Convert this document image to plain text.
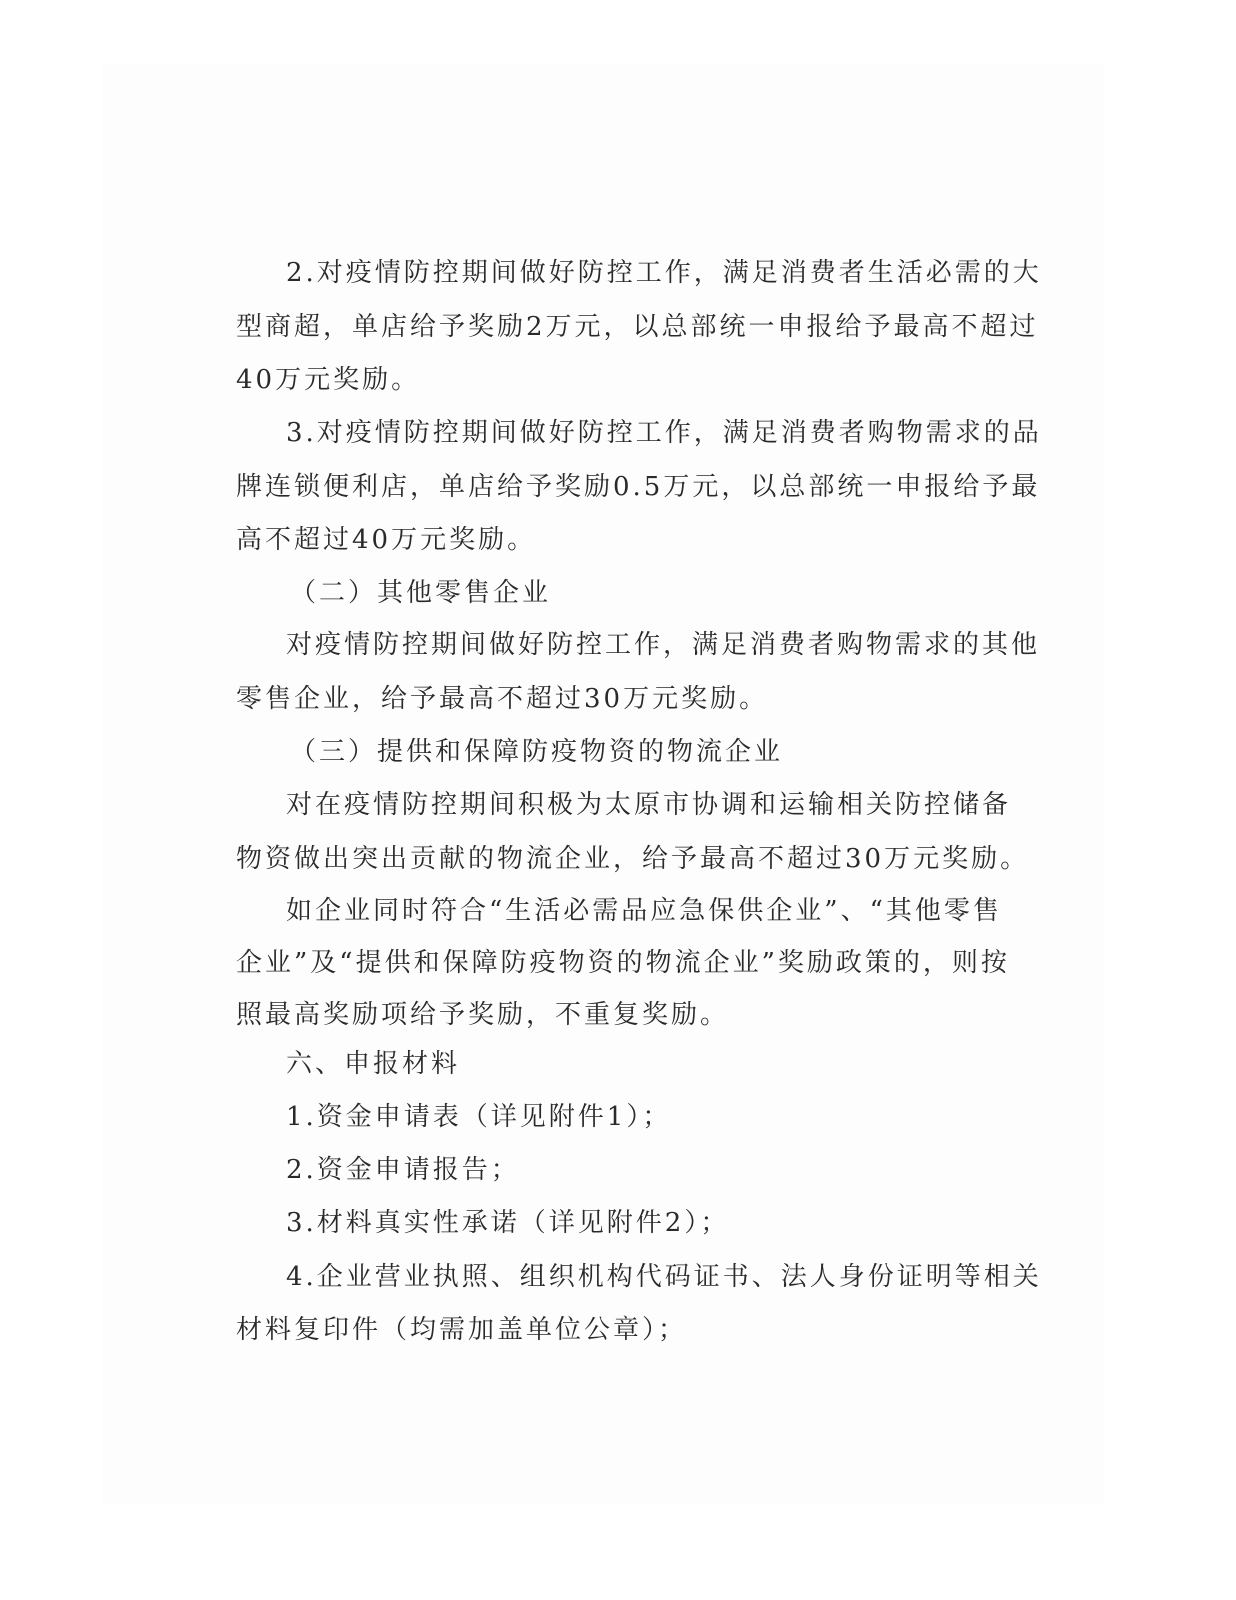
2.对疫情防控期间做好防控工作，满足消费者生活必需的大
型商超，单店给予奖励2万元，以总部统一申报给予最高不超过
40万元奖励。
3.对疫情防控期间做好防控工作，满足消费者购物需求的品
牌连锁便利店，单店给予奖励0.5万元，以总部统一申报给予最
高不超过40万元奖励。
（二）其他零售企业
对疫情防控期间做好防控工作，满足消费者购物需求的其他
零售企业，给予最高不超过30万元奖励。
（三）提供和保障防疫物资的物流企业
对在疫情防控期间积极为太原市协调和运输相关防控储备
物资做出突出贡献的物流企业，给予最高不超过30万元奖励。
如企业同时符合“生活必需品应急保供企业”、“其他零售
企业”及“提供和保障防疫物资的物流企业”奖励政策的，则按
照最高奖励项给予奖励，不重复奖励。
六、申报材料
1.资金申请表（详见附件1）；
2.资金申请报告；
3.材料真实性承诺（详见附件2）；
4.企业营业执照、组织机构代码证书、法人身份证明等相关
材料复印件（均需加盖单位公章）；
